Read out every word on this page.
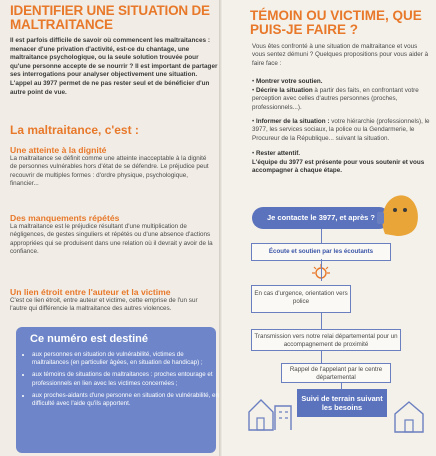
IDENTIFIER UNE SITUATION DE MALTRAITANCE
Il est parfois difficile de savoir où commencent les maltraitances : menacer d'une privation d'activité, est-ce du chantage, une maltraitance psychologique, ou la seule solution trouvée pour qu'une personne accepte de se nourrir ? Il est important de partager ses interrogations pour analyser objectivement une situation. L'appel au 3977 permet de ne pas rester seul et de bénéficier d'un autre point de vue.
La maltraitance, c'est :
Une atteinte à la dignité
La maltraitance se définit comme une atteinte inacceptable à la dignité de personnes vulnérables hors d'état de se défendre. Le préjudice peut recouvrir de multiples formes : d'ordre physique, psychologique, financier...
Des manquements répétés
La maltraitance est le préjudice résultant d'une multiplication de négligences, de gestes singuliers et répétés ou d'une absence d'actions appropriées qui se produisent dans une relation où il devrait y avoir de la confiance.
Un lien étroit entre l'auteur et la victime
C'est ce lien étroit, entre auteur et victime, cette emprise de l'un sur l'autre qui différencie la maltraitance des autres violences.
Ce numéro est destiné
• aux personnes en situation de vulnérabilité, victimes de maltraitances (en particulier âgées, en situation de handicap) ;
• aux témoins de situations de maltraitances : proches entourage et professionnels en lien avec les victimes concernées ;
• aux proches-aidants d'une personne en situation de vulnérabilité, en difficulté avec l'aide qu'ils apportent.
TÉMOIN OU VICTIME, QUE PUIS-JE FAIRE ?
Vous êtes confronté à une situation de maltraitance et vous vous sentez démuni ? Quelques propositions pour vous aider à faire face :
• Montrer votre soutien.
• Décrire la situation à partir des faits, en confrontant votre perception avec celles d'autres personnes (proches, professionnels...).
• Informer de la situation : votre hiérarchie (professionnels), le 3977, les services sociaux, la police ou la Gendarmerie, le Procureur de la République... suivant la situation.
• Rester attentif.
L'équipe du 3977 est présente pour vous soutenir et vous accompagner à chaque étape.
Je contacte le 3977, et après ?
Écoute et soutien par les écoutants
En cas d'urgence, orientation vers police
Transmission vers notre relai départemental pour un accompagnement de proximité
Rappel de l'appelant par le centre départemental
Suivi de terrain suivant les besoins
